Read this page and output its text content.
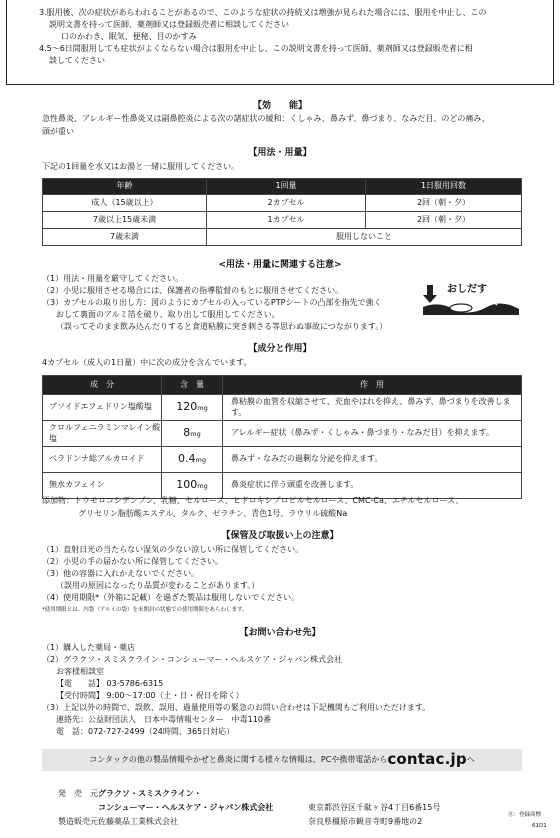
3.服用後、次の症状があらわれることがあるので、このような症状の持続又は増強が見られた場合には、服用を中止し、この
説明文書を持って医師、薬剤師又は登録販売者に相談してください
口のかわき、眠気、便秘、目のかすみ
4.5～6日間服用しても症状がよくならない場合は服用を中止し、この説明文書を持って医師、薬剤師又は登録販売者に相
談してください
【効　　能】
急性鼻炎、アレルギー性鼻炎又は副鼻腔炎による次の諸症状の緩和：くしゃみ、鼻みず、鼻づまり、なみだ目、のどの痛み、
頭が重い
【用法・用量】
下記の1回量を水又はお湯と一緒に服用してください。
年齢	1回量	1日服用回数
成人（15歳以上）	2カプセル	2回（朝・夕）
7歳以上15歳未満	1カプセル	2回（朝・夕）
7歳未満	服用しないこと	
<用法・用量に関連する注意>
（1）用法・用量を厳守してください。
（2）小児に服用させる場合には、保護者の指導監督のもとに服用させてください。
（3）カプセルの取り出し方：図のようにカプセルの入っているPTPシートの凸部を指先で強く
おして裏面のアルミ箔を破り、取り出して服用してください。
（誤ってそのまま飲み込んだりすると食道粘膜に突き刺さる等思わぬ事故につながります。）
おしだす
【成分と作用】
4カプセル（成人の1日量）中に次の成分を含んでいます。
成　分	含　量	作　用
プソイドエフェドリン塩酸塩	120mg	鼻粘膜の血管を収縮させて、充血やはれを抑え、鼻みず、鼻づまりを改善します。
クロルフェニラミンマレイン酸塩	8mg	アレルギー症状（鼻みず・くしゃみ・鼻づまり・なみだ目）を抑えます。
ベラドンナ総アルカロイド	0.4mg	鼻みず・なみだの過剰な分泌を抑えます。
無水カフェイン	100mg	鼻炎症状に伴う頭重を改善します。
添加物：トウモロコシデンプン、乳糖、セルロース、ヒドロキシプロピルセルロース、CMC-Ca、エチルセルロース、
グリセリン脂肪酸エステル、タルク、ゼラチン、青色1号、ラウリル硫酸Na
【保管及び取扱い上の注意】
（1）直射日光の当たらない湿気の少ない涼しい所に保管してください。
（2）小児の手の届かない所に保管してください。
（3）他の容器に入れかえないでください。
（誤用の原因になったり品質が変わることがあります。）
（4）使用期限*（外箱に記載）を過ぎた製品は服用しないでください。
*使用期限とは、内袋（アルミの袋）を未開封の状態での使用期限をあらわします。
【お問い合わせ先】
（1）購入した薬局・薬店
（2）グラクソ・スミスクライン・コンシューマー・ヘルスケア・ジャパン株式会社
お客様相談室
【電　　話】 03-5786-6315
【受付時間】 9:00～17:00（土・日・祝日を除く）
（3）上記以外の時間で、誤飲、誤用、過量使用等の緊急のお問い合わせは下記機関もご利用いただけます。
連絡先：公益財団法人　日本中毒情報センター　中毒110番
電　話：072-727-2499（24時間、365日対応）
コンタックの他の製品情報やかぜと鼻炎に関する様々な情報は、PCや携帯電話から contac.jp へ
発　売　元：
グラクソ・スミスクライン・
コンシューマー・ヘルスケア・ジャパン株式会社	東京都渋谷区千駄ヶ谷4丁目6番15号
製造販売元：
佐藤薬品工業株式会社	奈良県橿原市観音寺町9番地の2
Ⓡ：登録商標
61D1
